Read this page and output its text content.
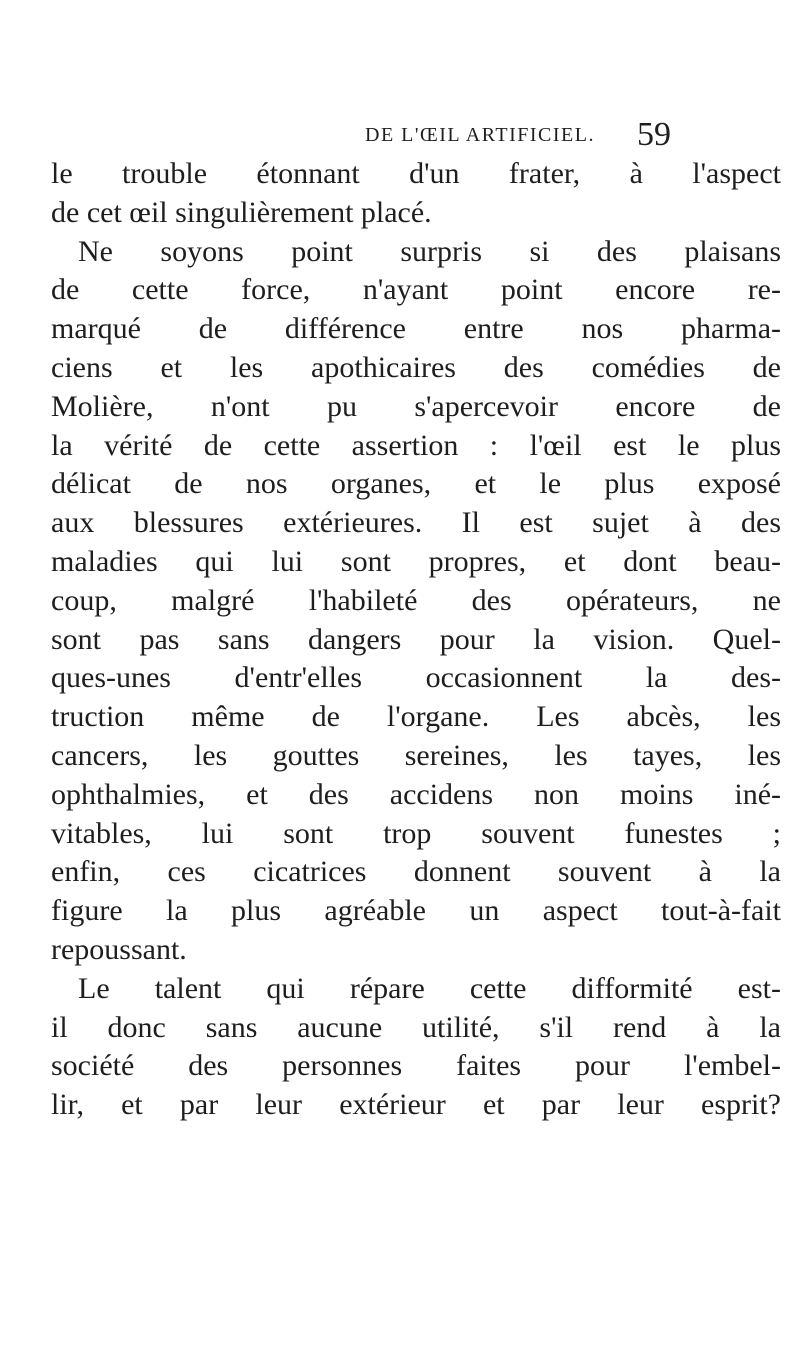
DE L'ŒIL ARTIFICIEL. 59
le trouble étonnant d'un frater, à l'aspect
de cet œil singulièrement placé.
Ne soyons point surpris si des plaisans
de cette force, n'ayant point encore re-
marqué de différence entre nos pharma-
ciens et les apothicaires des comédies de
Molière, n'ont pu s'apercevoir encore de
la vérité de cette assertion : l'œil est le plus
délicat de nos organes, et le plus exposé
aux blessures extérieures. Il est sujet à des
maladies qui lui sont propres, et dont beau-
coup, malgré l'habileté des opérateurs, ne
sont pas sans dangers pour la vision. Quel-
ques-unes d'entr'elles occasionnent la des-
truction même de l'organe. Les abcès, les
cancers, les gouttes sereines, les tayes, les
ophthalmies, et des accidens non moins iné-
vitables, lui sont trop souvent funestes ;
enfin, ces cicatrices donnent souvent à la
figure la plus agréable un aspect tout-à-fait
repoussant.
Le talent qui répare cette difformité est-
il donc sans aucune utilité, s'il rend à la
société des personnes faites pour l'embel-
lir, et par leur extérieur et par leur esprit?
